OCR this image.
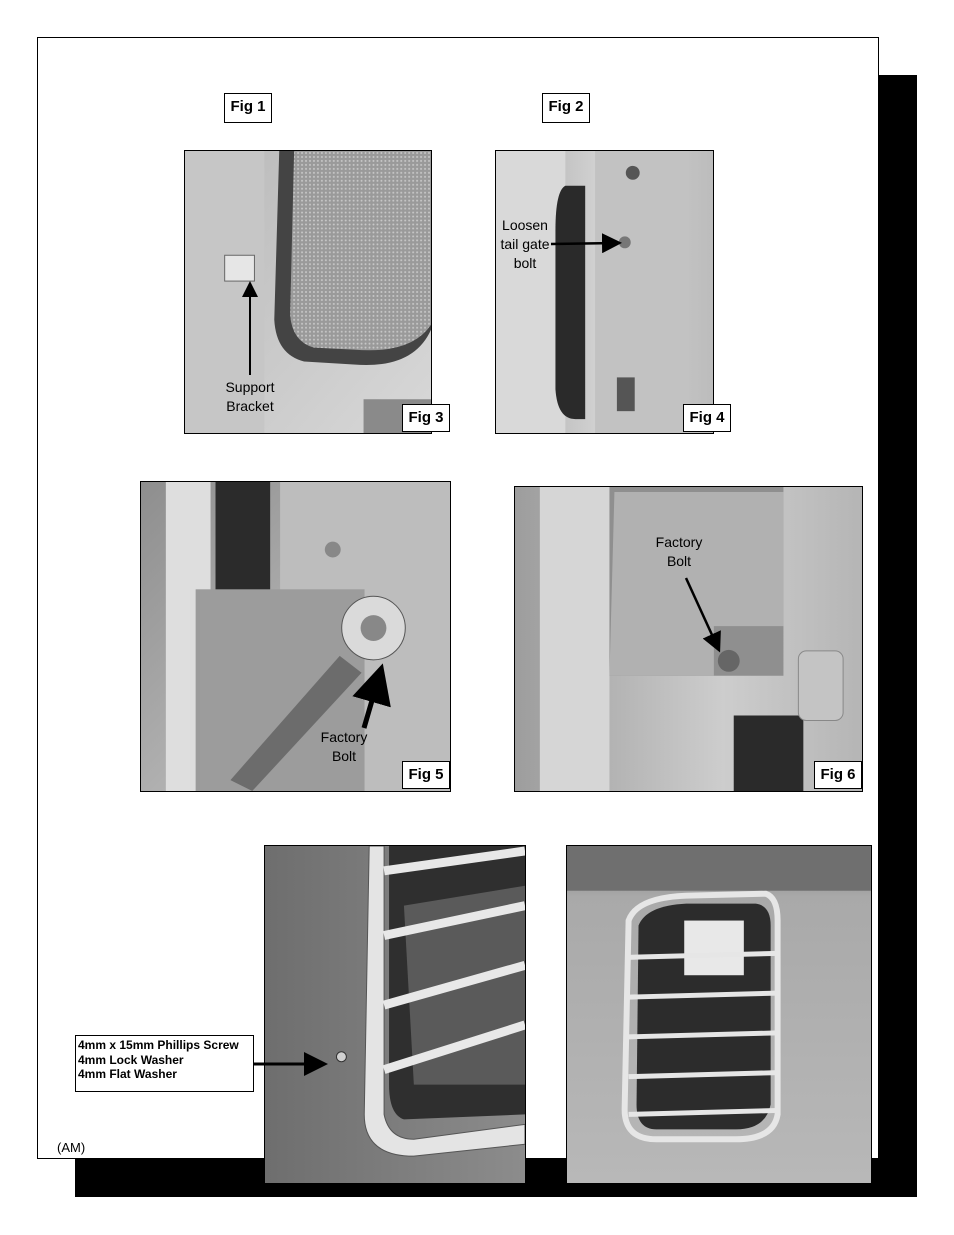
Fig 1	Fig 2
Support
Bracket
Fig 3
Loosen
tail gate
bolt
Fig 4
Factory
Bolt
Fig 5
Factory
Bolt
Fig 6
4mm x 15mm Phillips Screw
4mm Lock Washer
4mm Flat Washer
(AM)
